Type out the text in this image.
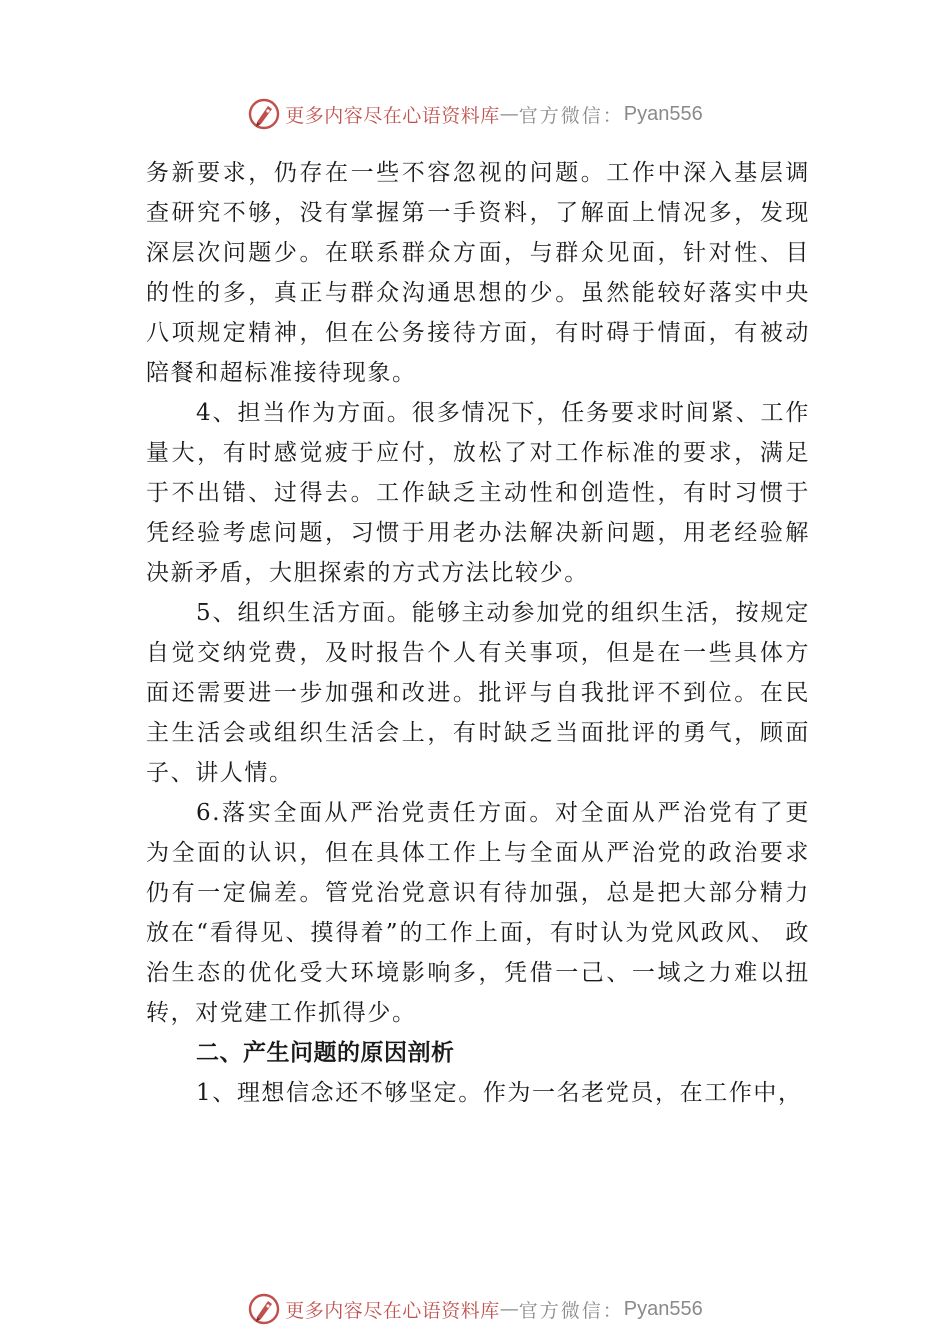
更多内容尽在心语资料库 — 官方微信： Pyan556

务新要求，仍存在一些不容忽视的问题。工作中深入基层调查研究不够，没有掌握第一手资料，了解面上情况多，发现深层次问题少。在联系群众方面，与群众见面，针对性、目的性的多，真正与群众沟通思想的少。虽然能较好落实中央八项规定精神，但在公务接待方面，有时碍于情面，有被动陪餐和超标准接待现象。

4、担当作为方面。很多情况下，任务要求时间紧、工作量大，有时感觉疲于应付，放松了对工作标准的要求，满足于不出错、过得去。工作缺乏主动性和创造性，有时习惯于凭经验考虑问题，习惯于用老办法解决新问题，用老经验解决新矛盾，大胆探索的方式方法比较少。

5、组织生活方面。能够主动参加党的组织生活，按规定自觉交纳党费，及时报告个人有关事项，但是在一些具体方面还需要进一步加强和改进。批评与自我批评不到位。在民主生活会或组织生活会上，有时缺乏当面批评的勇气，顾面子、讲人情。

6.落实全面从严治党责任方面。对全面从严治党有了更为全面的认识，但在具体工作上与全面从严治党的政治要求仍有一定偏差。管党治党意识有待加强，总是把大部分精力放在“看得见、摸得着”的工作上面，有时认为党风政风、 政治生态的优化受大环境影响多，凭借一己、一域之力难以扭转，对党建工作抓得少。

二、产生问题的原因剖析

1、理想信念还不够坚定。作为一名老党员，在工作中，

更多内容尽在心语资料库 — 官方微信： Pyan556
